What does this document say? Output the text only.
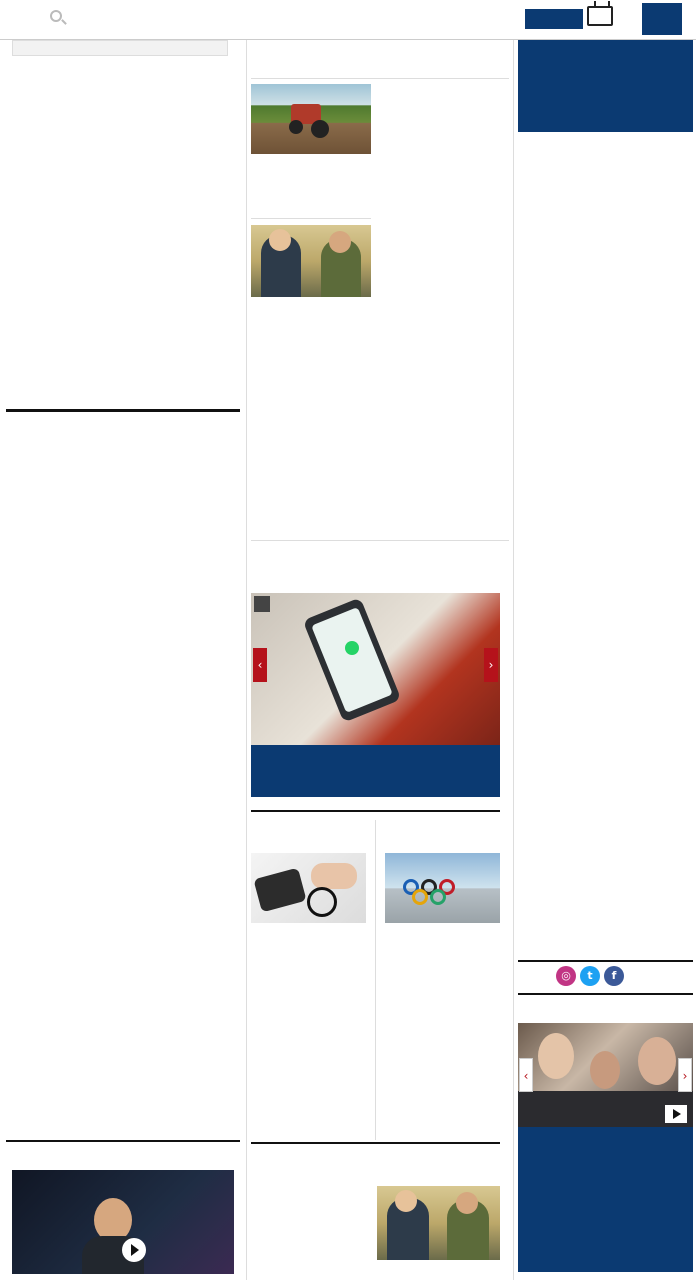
f
t
◎
‹	›
‹	›
